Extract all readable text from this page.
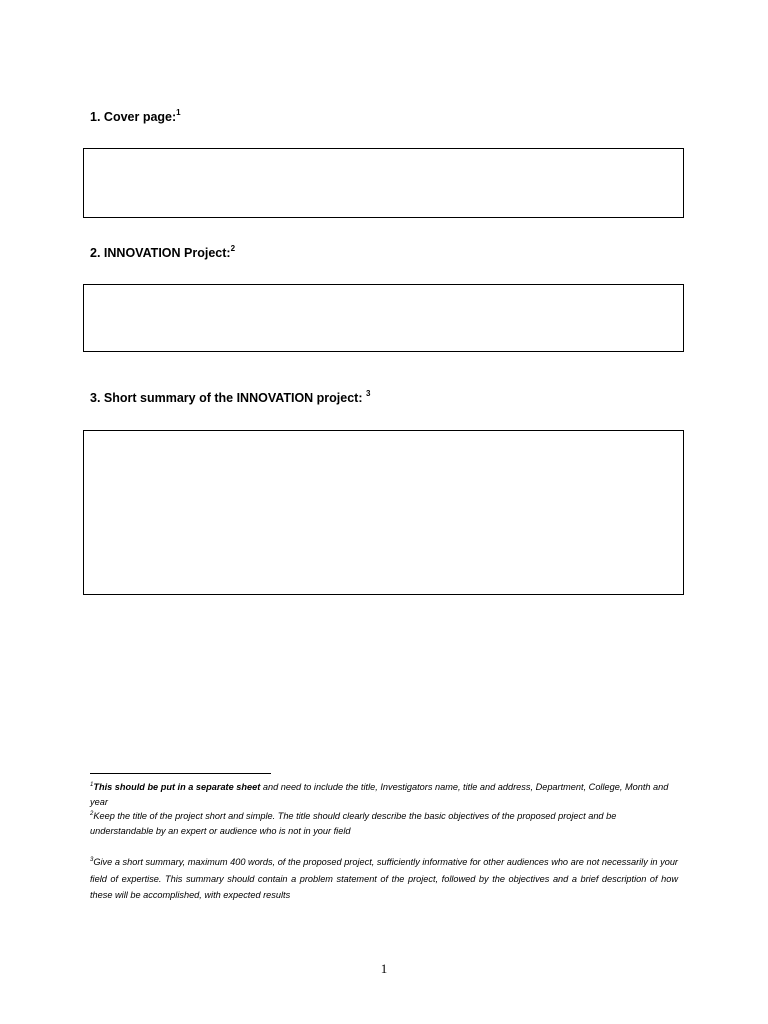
1. Cover page:$^1$
2. INNOVATION Project:$^2$
3. Short summary of the INNOVATION project: $^3$
$^1$This should be put in a separate sheet and need to include the title, Investigators name, title and address, Department, College, Month and year
$^2$Keep the title of the project short and simple. The title should clearly describe the basic objectives of the proposed project and be understandable by an expert or audience who is not in your field
$^3$Give a short summary, maximum 400 words, of the proposed project, sufficiently informative for other audiences who are not necessarily in your field of expertise. This summary should contain a problem statement of the project, followed by the objectives and a brief description of how these will be accomplished, with expected results
1
